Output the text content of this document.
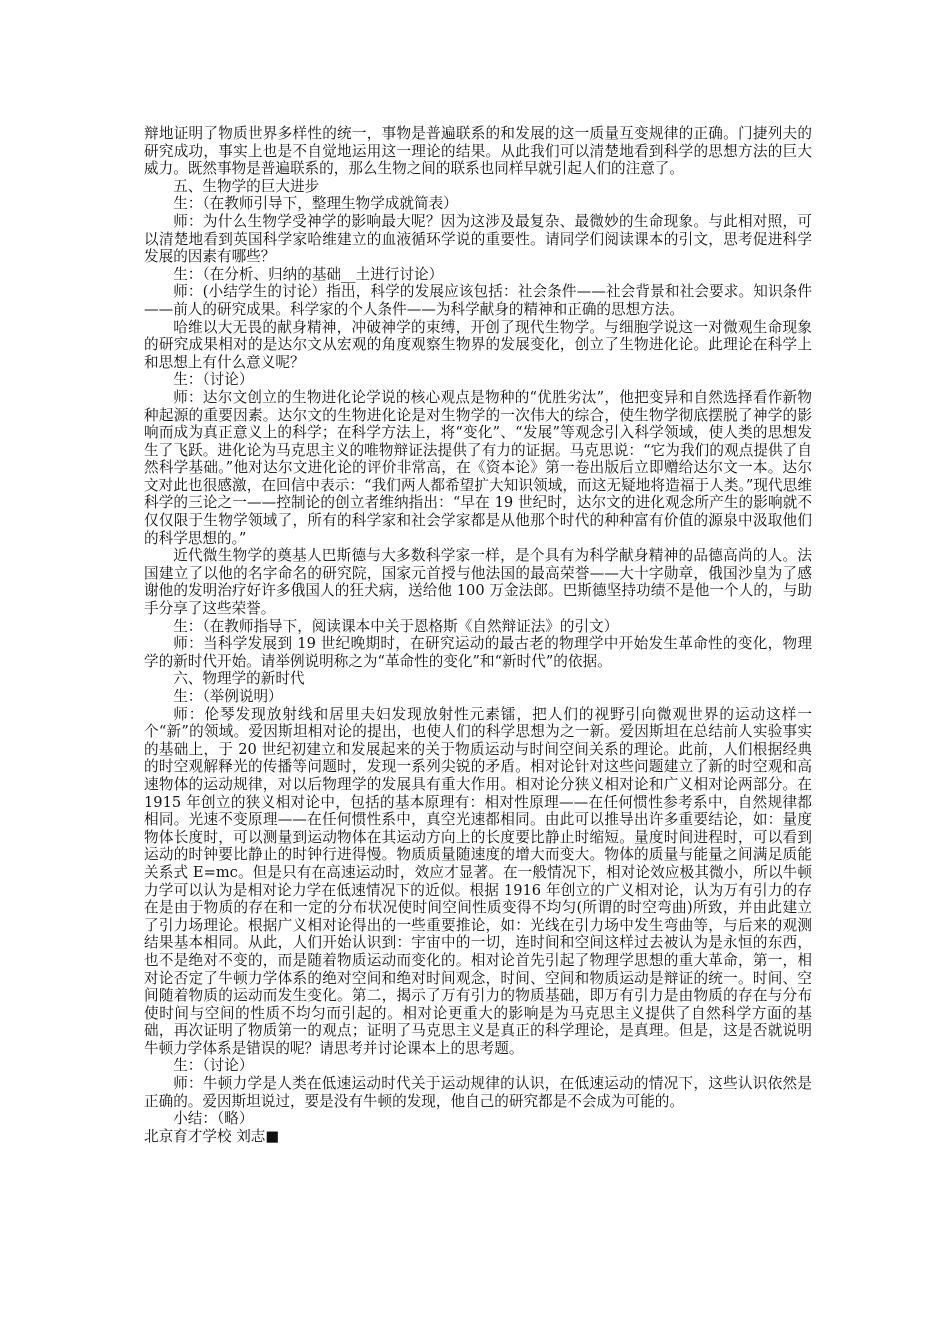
辩地证明了物质世界多样性的统一，事物是普遍联系的和发展的这一质量互变规律的正确。门捷列夫的研究成功，事实上也是不自觉地运用这一理论的结果。从此我们可以清楚地看到科学的思想方法的巨大威力。既然事物是普遍联系的，那么生物之间的联系也同样早就引起人们的注意了。

五、生物学的巨大进步

生：（在教师引导下，整理生物学成就简表）

师：为什么生物学受神学的影响最大呢？因为这涉及最复杂、最微妙的生命现象。与此相对照，可以清楚地看到英国科学家哈维建立的血液循环学说的重要性。请同学们阅读课本的引文，思考促进科学发展的因素有哪些？

生：（在分析、归纳的基础__土进行讨论）

师：(小结学生的讨论）指出，科学的发展应该包括：社会条件——社会背景和社会要求。知识条件——前人的研究成果。科学家的个人条件——为科学献身的精神和正确的思想方法。

哈维以大无畏的献身精神，冲破神学的束缚，开创了现代生物学。与细胞学说这一对微观生命现象的研究成果相对的是达尔文从宏观的角度观察生物界的发展变化，创立了生物进化论。此理论在科学上和思想上有什么意义呢？

生：（讨论）

师：达尔文创立的生物进化论学说的核心观点是物种的“优胜劣汰”，他把变异和自然选择看作新物种起源的重要因素。达尔文的生物进化论是对生物学的一次伟大的综合，使生物学彻底摆脱了神学的影响而成为真正意义上的科学；在科学方法上，将“变化”、“发展”等观念引入科学领域，使人类的思想发生了飞跃。进化论为马克思主义的唯物辩证法提供了有力的证据。马克思说：“它为我们的观点提供了自然科学基础。”他对达尔文进化论的评价非常高，在《资本论》第一卷出版后立即赠给达尔文一本。达尔文对此也很感激，在回信中表示：“我们两人都希望扩大知识领域，而这无疑地将造福于人类。”现代思维科学的三论之一——控制论的创立者维纳指出：“早在 19 世纪时，达尔文的进化观念所产生的影响就不仅仅限于生物学领域了，所有的科学家和社会学家都是从他那个时代的种种富有价值的源泉中汲取他们的科学思想的。”

近代微生物学的奠基人巴斯德与大多数科学家一样，是个具有为科学献身精神的品德高尚的人。法国建立了以他的名字命名的研究院，国家元首授与他法国的最高荣誉——大十字勋章，俄国沙皇为了感谢他的发明治疗好许多俄国人的狂犬病，送给他 100 万金法郎。巴斯德坚持功绩不是他一个人的，与助手分享了这些荣誉。

生：（在教师指导下，阅读课本中关于恩格斯《自然辩证法》的引文）

师：当科学发展到 19 世纪晚期时，在研究运动的最古老的物理学中开始发生革命性的变化，物理学的新时代开始。请举例说明称之为“革命性的变化”和“新时代”的依据。

六、物理学的新时代

生：（举例说明）

师：伦琴发现放射线和居里夫妇发现放射性元素镭，把人们的视野引向微观世界的运动这样一个“新”的领域。爱因斯坦相对论的提出，也使人们的科学思想为之一新。爱因斯坦在总结前人实验事实的基础上，于 20 世纪初建立和发展起来的关于物质运动与时间空间关系的理论。此前，人们根据经典的时空观解释光的传播等问题时，发现一系列尖锐的矛盾。相对论针对这些问题建立了新的时空观和高速物体的运动规律，对以后物理学的发展具有重大作用。相对论分狭义相对论和广义相对论两部分。在 1915 年创立的狭义相对论中，包括的基本原理有：相对性原理——在任何惯性参考系中，自然规律都相同。光速不变原理——在任何惯性系中，真空光速都相同。由此可以推导出许多重要结论，如：量度物体长度时，可以测量到运动物体在其运动方向上的长度要比静止时缩短。量度时间进程时，可以看到运动的时钟要比静止的时钟行进得慢。物质质量随速度的增大而变大。物体的质量与能量之间满足质能关系式 E=mc。但是只有在高速运动时，效应才显著。在一般情况下，相对论效应极其微小，所以牛顿力学可以认为是相对论力学在低速情况下的近似。根据 1916 年创立的广义相对论，认为万有引力的存在是由于物质的存在和一定的分布状况使时间空间性质变得不均匀(所谓的时空弯曲)所致，并由此建立了引力场理论。根据广义相对论得出的一些重要推论，如：光线在引力场中发生弯曲等，与后来的观测结果基本相同。从此，人们开始认识到：宇宙中的一切，连时间和空间这样过去被认为是永恒的东西，也不是绝对不变的，而是随着物质运动而变化的。相对论首先引起了物理学思想的重大革命，第一，相对论否定了牛顿力学体系的绝对空间和绝对时间观念，时间、空间和物质运动是辩证的统一。时间、空间随着物质的运动而发生变化。第二，揭示了万有引力的物质基础，即万有引力是由物质的存在与分布使时间与空间的性质不均匀而引起的。相对论更重大的影响是为马克思主义提供了自然科学方面的基础，再次证明了物质第一的观点；证明了马克思主义是真正的科学理论，是真理。但是，这是否就说明牛顿力学体系是错误的呢？请思考并讨论课本上的思考题。

生：（讨论）

师：牛顿力学是人类在低速运动时代关于运动规律的认识，在低速运动的情况下，这些认识依然是正确的。爱因斯坦说过，要是没有牛顿的发现，他自己的研究都是不会成为可能的。

小结：（略）

北京育才学校 刘志■
